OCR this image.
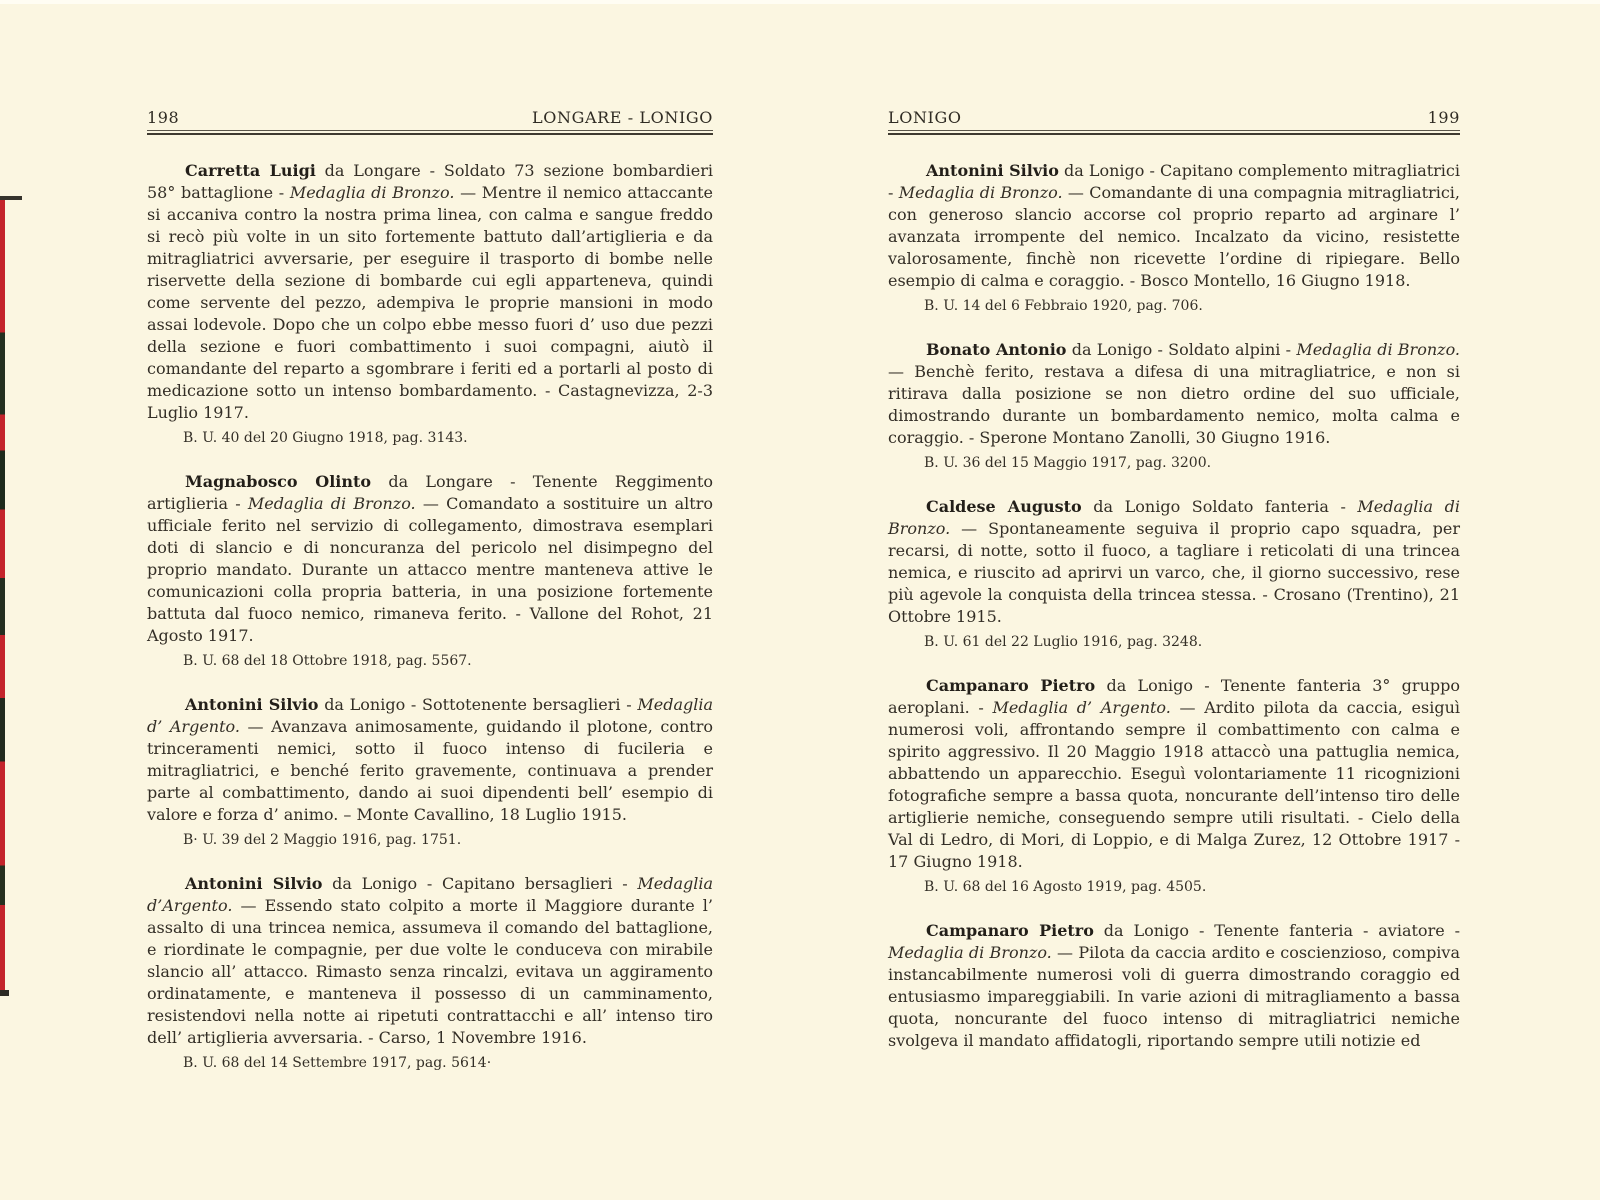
198	LONGARE - LONIGO

Carretta Luigi da Longare - Soldato 73 sezione bombardieri 58° battaglione - Medaglia di Bronzo. — Mentre il nemico attaccante si accaniva contro la nostra prima linea, con calma e sangue freddo si recò più volte in un sito fortemente battuto dall’artiglieria e da mitragliatrici avversarie, per eseguire il trasporto di bombe nelle riservette della sezione di bombarde cui egli apparteneva, quindi come servente del pezzo, adempiva le proprie mansioni in modo assai lodevole. Dopo che un colpo ebbe messo fuori d’ uso due pezzi della sezione e fuori combattimento i suoi compagni, aiutò il comandante del reparto a sgombrare i feriti ed a portarli al posto di medicazione sotto un intenso bombardamento. - Castagnevizza, 2-3 Luglio 1917.

B. U. 40 del 20 Giugno 1918, pag. 3143.

Magnabosco Olinto da Longare - Tenente Reggimento artiglieria - Medaglia di Bronzo. — Comandato a sostituire un altro ufficiale ferito nel servizio di collegamento, dimostrava esemplari doti di slancio e di noncuranza del pericolo nel disimpegno del proprio mandato. Durante un attacco mentre manteneva attive le comunicazioni colla propria batteria, in una posizione fortemente battuta dal fuoco nemico, rimaneva ferito. - Vallone del Rohot, 21 Agosto 1917.

B. U. 68 del 18 Ottobre 1918, pag. 5567.

Antonini Silvio da Lonigo - Sottotenente bersaglieri - Medaglia d’ Argento. — Avanzava animosamente, guidando il plotone, contro trinceramenti nemici, sotto il fuoco intenso di fucileria e mitragliatrici, e benché ferito gravemente, continuava a prender parte al combattimento, dando ai suoi dipendenti bell’ esempio di valore e forza d’ animo. – Monte Cavallino, 18 Luglio 1915.

B· U. 39 del 2 Maggio 1916, pag. 1751.

Antonini Silvio da Lonigo - Capitano bersaglieri - Medaglia d’Argento. — Essendo stato colpito a morte il Maggiore durante l’ assalto di una trincea nemica, assumeva il comando del battaglione, e riordinate le compagnie, per due volte le conduceva con mirabile slancio all’ attacco. Rimasto senza rincalzi, evitava un aggiramento ordinatamente, e manteneva il possesso di un camminamento, resistendovi nella notte ai ripetuti contrattacchi e all’ intenso tiro dell’ artiglieria avversaria. - Carso, 1 Novembre 1916.

B. U. 68 del 14 Settembre 1917, pag. 5614·

LONIGO	199

Antonini Silvio da Lonigo - Capitano complemento mitragliatrici - Medaglia di Bronzo. — Comandante di una compagnia mitragliatrici, con generoso slancio accorse col proprio reparto ad arginare l’ avanzata irrompente del nemico. Incalzato da vicino, resistette valorosamente, finchè non ricevette l’ordine di ripiegare. Bello esempio di calma e coraggio. - Bosco Montello, 16 Giugno 1918.

B. U. 14 del 6 Febbraio 1920, pag. 706.

Bonato Antonio da Lonigo - Soldato alpini - Medaglia di Bronzo. — Benchè ferito, restava a difesa di una mitragliatrice, e non si ritirava dalla posizione se non dietro ordine del suo ufficiale, dimostrando durante un bombardamento nemico, molta calma e coraggio. - Sperone Montano Zanolli, 30 Giugno 1916.

B. U. 36 del 15 Maggio 1917, pag. 3200.

Caldese Augusto da Lonigo Soldato fanteria - Medaglia di Bronzo. — Spontaneamente seguiva il proprio capo squadra, per recarsi, di notte, sotto il fuoco, a tagliare i reticolati di una trincea nemica, e riuscito ad aprirvi un varco, che, il giorno successivo, rese più agevole la conquista della trincea stessa. - Crosano (Trentino), 21 Ottobre 1915.

B. U. 61 del 22 Luglio 1916, pag. 3248.

Campanaro Pietro da Lonigo - Tenente fanteria 3° gruppo aeroplani. - Medaglia d’ Argento. — Ardito pilota da caccia, esiguì numerosi voli, affrontando sempre il combattimento con calma e spirito aggressivo. Il 20 Maggio 1918 attaccò una pattuglia nemica, abbattendo un apparecchio. Eseguì volontariamente 11 ricognizioni fotografiche sempre a bassa quota, noncurante dell’intenso tiro delle artiglierie nemiche, conseguendo sempre utili risultati. - Cielo della Val di Ledro, di Mori, di Loppio, e di Malga Zurez, 12 Ottobre 1917 - 17 Giugno 1918.

B. U. 68 del 16 Agosto 1919, pag. 4505.

Campanaro Pietro da Lonigo - Tenente fanteria - aviatore - Medaglia di Bronzo. — Pilota da caccia ardito e coscienzioso, compiva instancabilmente numerosi voli di guerra dimostrando coraggio ed entusiasmo impareggiabili. In varie azioni di mitragliamento a bassa quota, noncurante del fuoco intenso di mitragliatrici nemiche svolgeva il mandato affidatogli, riportando sempre utili notizie ed
